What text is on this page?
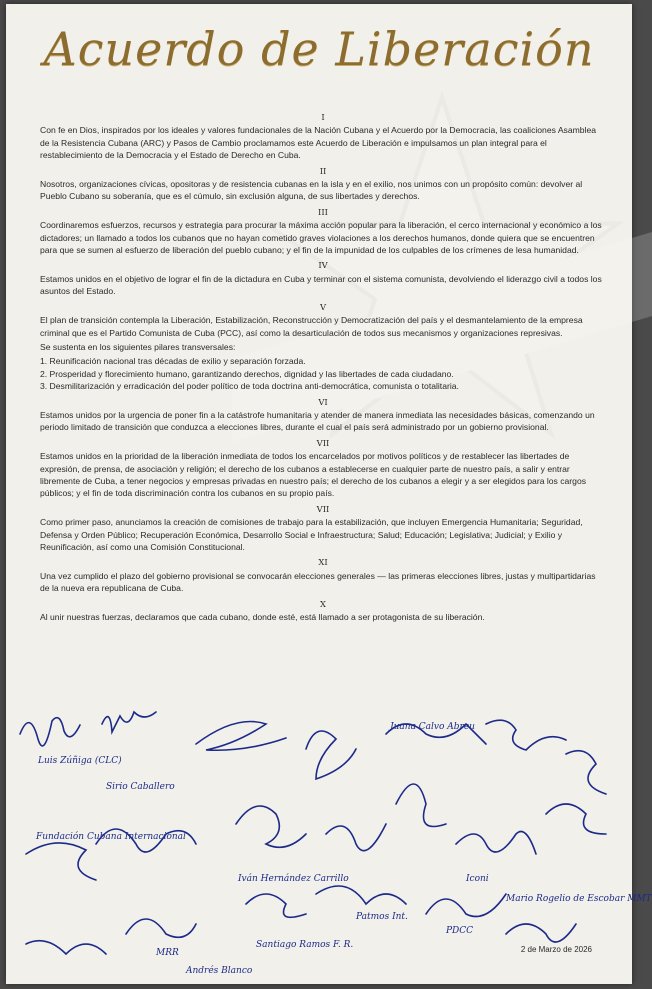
Acuerdo de Liberación
I
Con fe en Dios, inspirados por los ideales y valores fundacionales de la Nación Cubana y el Acuerdo por la Democracia, las coaliciones Asamblea de la Resistencia Cubana (ARC) y Pasos de Cambio proclamamos este Acuerdo de Liberación e impulsamos un plan integral para el restablecimiento de la Democracia y el Estado de Derecho en Cuba.
II
Nosotros, organizaciones cívicas, opositoras y de resistencia cubanas en la isla y en el exilio, nos unimos con un propósito común: devolver al Pueblo Cubano su soberanía, que es el cúmulo, sin exclusión alguna, de sus libertades y derechos.
III
Coordinaremos esfuerzos, recursos y estrategia para procurar la máxima acción popular para la liberación, el cerco internacional y económico a los dictadores; un llamado a todos los cubanos que no hayan cometido graves violaciones a los derechos humanos, donde quiera que se encuentren para que se sumen al esfuerzo de liberación del pueblo cubano; y el fin de la impunidad de los culpables de los crímenes de lesa humanidad.
IV
Estamos unidos en el objetivo de lograr el fin de la dictadura en Cuba y terminar con el sistema comunista, devolviendo el liderazgo civil a todos los asuntos del Estado.
V
El plan de transición contempla la Liberación, Estabilización, Reconstrucción y Democratización del país y el desmantelamiento de la empresa criminal que es el Partido Comunista de Cuba (PCC), así como la desarticulación de todos sus mecanismos y organizaciones represivas.
Se sustenta en los siguientes pilares transversales:
1. Reunificación nacional tras décadas de exilio y separación forzada.
2. Prosperidad y florecimiento humano, garantizando derechos, dignidad y las libertades de cada ciudadano.
3. Desmilitarización y erradicación del poder político de toda doctrina anti-democrática, comunista o totalitaria.
VI
Estamos unidos por la urgencia de poner fin a la catástrofe humanitaria y atender de manera inmediata las necesidades básicas, comenzando un periodo limitado de transición que conduzca a elecciones libres, durante el cual el país será administrado por un gobierno provisional.
VII
Estamos unidos en la prioridad de la liberación inmediata de todos los encarcelados por motivos políticos y de restablecer las libertades de expresión, de prensa, de asociación y religión; el derecho de los cubanos a establecerse en cualquier parte de nuestro país, a salir y entrar libremente de Cuba, a tener negocios y empresas privadas en nuestro país; el derecho de los cubanos a elegir y a ser elegidos para los cargos públicos; y el fin de toda discriminación contra los cubanos en su propio país.
VII
Como primer paso, anunciamos la creación de comisiones de trabajo para la estabilización, que incluyen Emergencia Humanitaria; Seguridad, Defensa y Orden Público; Recuperación Económica, Desarrollo Social e Infraestructura; Salud; Educación; Legislativa; Judicial; y Exilio y Reunificación, así como una Comisión Constitucional.
XI
Una vez cumplido el plazo del gobierno provisional se convocarán elecciones generales — las primeras elecciones libres, justas y multipartidarias de la nueva era republicana de Cuba.
X
Al unir nuestras fuerzas, declaramos que cada cubano, donde esté, está llamado a ser protagonista de su liberación.
Luis Zúñiga (CLC)
Fundación Cubana Internacional
Iván Hernández Carrillo
Juana Calvo Abreu
Patmos Int.
PDCC
Mario Rogelio de Escobar MMT
Andrés Blanco
Santiago Ramos F. R.
MRR
Sirio Caballero
Iconi
2 de Marzo de 2026
